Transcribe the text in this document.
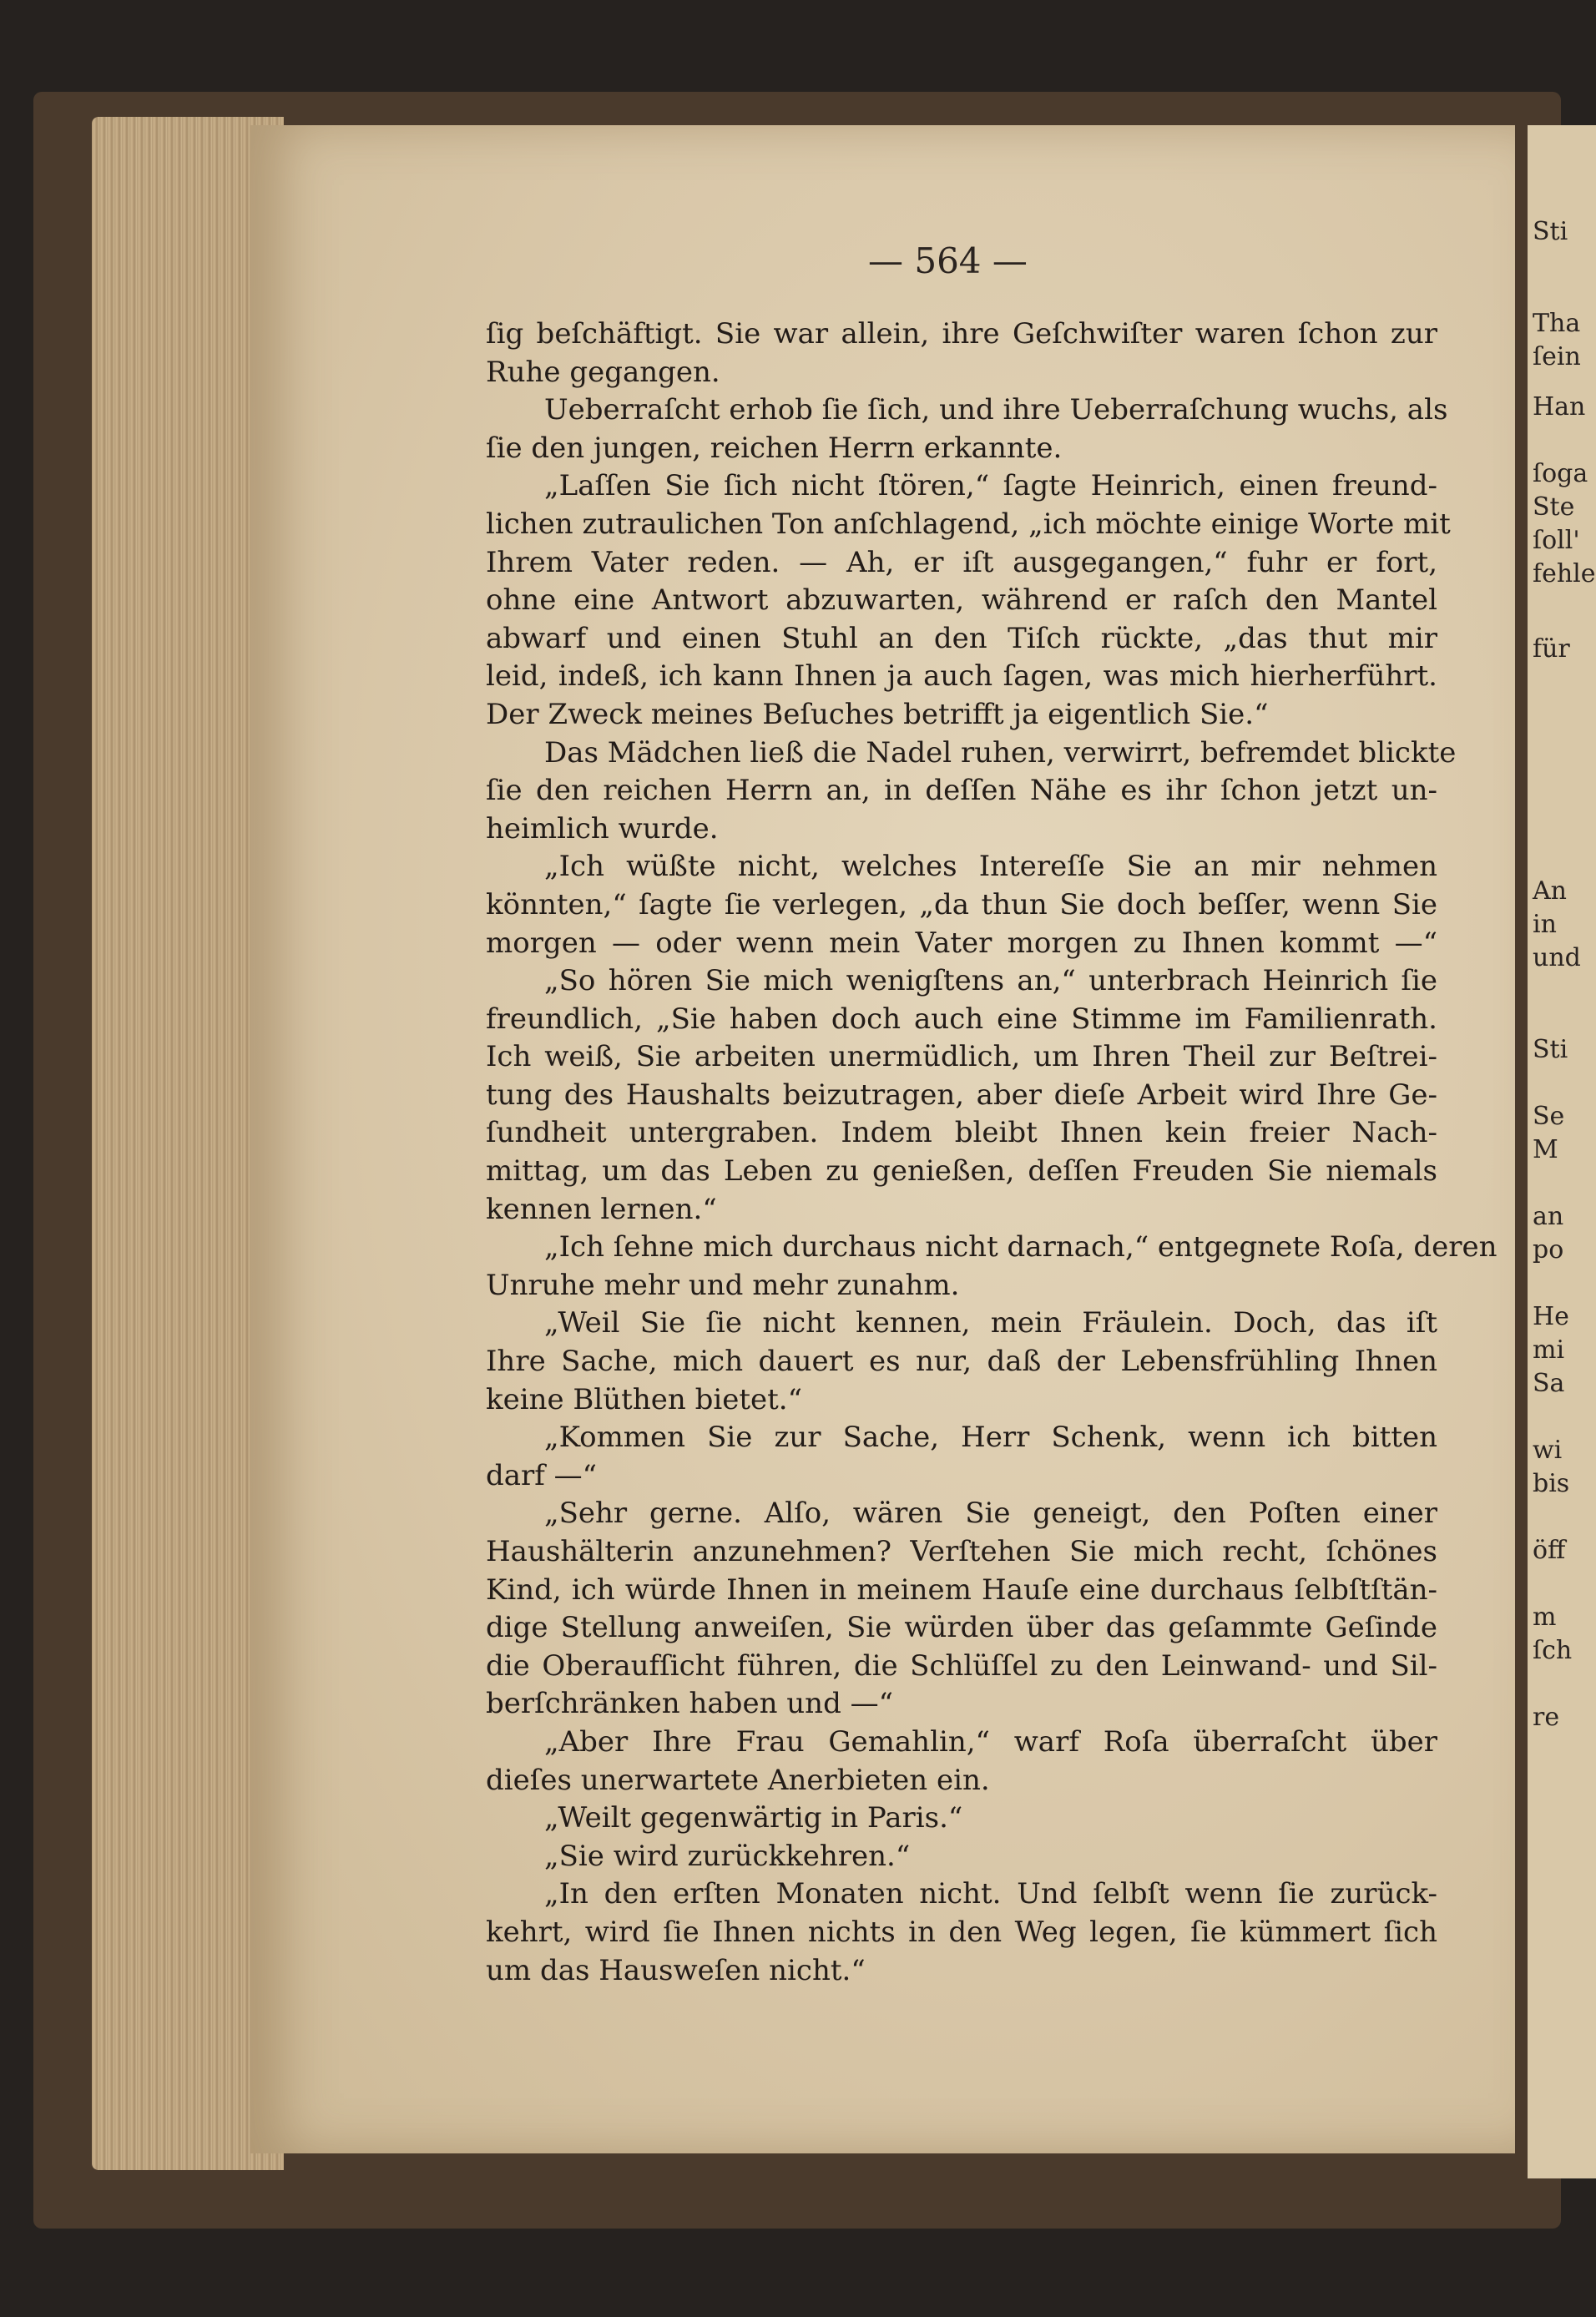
— 564 —
ſig beſchäftigt. Sie war allein, ihre Geſchwiſter waren ſchon zur
Ruhe gegangen.
Ueberraſcht erhob ſie ſich, und ihre Ueberraſchung wuchs, als
ſie den jungen, reichen Herrn erkannte.
„Laſſen Sie ſich nicht ſtören,“ ſagte Heinrich, einen freund-
lichen zutraulichen Ton anſchlagend, „ich möchte einige Worte mit
Ihrem Vater reden. — Ah, er iſt ausgegangen,“ fuhr er fort,
ohne eine Antwort abzuwarten, während er raſch den Mantel
abwarf und einen Stuhl an den Tiſch rückte, „das thut mir
leid, indeß, ich kann Ihnen ja auch ſagen, was mich hierherführt.
Der Zweck meines Beſuches betrifft ja eigentlich Sie.“
Das Mädchen ließ die Nadel ruhen, verwirrt, befremdet blickte
ſie den reichen Herrn an, in deſſen Nähe es ihr ſchon jetzt un-
heimlich wurde.
„Ich wüßte nicht, welches Intereſſe Sie an mir nehmen
könnten,“ ſagte ſie verlegen, „da thun Sie doch beſſer, wenn Sie
morgen — oder wenn mein Vater morgen zu Ihnen kommt —“
„So hören Sie mich wenigſtens an,“ unterbrach Heinrich ſie
freundlich, „Sie haben doch auch eine Stimme im Familienrath.
Ich weiß, Sie arbeiten unermüdlich, um Ihren Theil zur Beſtrei-
tung des Haushalts beizutragen, aber dieſe Arbeit wird Ihre Ge-
ſundheit untergraben. Indem bleibt Ihnen kein freier Nach-
mittag, um das Leben zu genießen, deſſen Freuden Sie niemals
kennen lernen.“
„Ich ſehne mich durchaus nicht darnach,“ entgegnete Roſa, deren
Unruhe mehr und mehr zunahm.
„Weil Sie ſie nicht kennen, mein Fräulein. Doch, das iſt
Ihre Sache, mich dauert es nur, daß der Lebensfrühling Ihnen
keine Blüthen bietet.“
„Kommen Sie zur Sache, Herr Schenk, wenn ich bitten
darf —“
„Sehr gerne. Alſo, wären Sie geneigt, den Poſten einer
Haushälterin anzunehmen? Verſtehen Sie mich recht, ſchönes
Kind, ich würde Ihnen in meinem Hauſe eine durchaus ſelbſtſtän-
dige Stellung anweiſen, Sie würden über das geſammte Geſinde
die Oberaufſicht führen, die Schlüſſel zu den Leinwand- und Sil-
berſchränken haben und —“
„Aber Ihre Frau Gemahlin,“ warf Roſa überraſcht über
dieſes unerwartete Anerbieten ein.
„Weilt gegenwärtig in Paris.“
„Sie wird zurückkehren.“
„In den erſten Monaten nicht. Und ſelbſt wenn ſie zurück-
kehrt, wird ſie Ihnen nichts in den Weg legen, ſie kümmert ſich
um das Hausweſen nicht.“
Sti
Tha
ſein
Han
ſoga
Ste
ſoll'
fehle
für
An
in
und
Sti
Se
M
an
po
He
mi
Sa
wi
bis
öff
m
ſch
re
